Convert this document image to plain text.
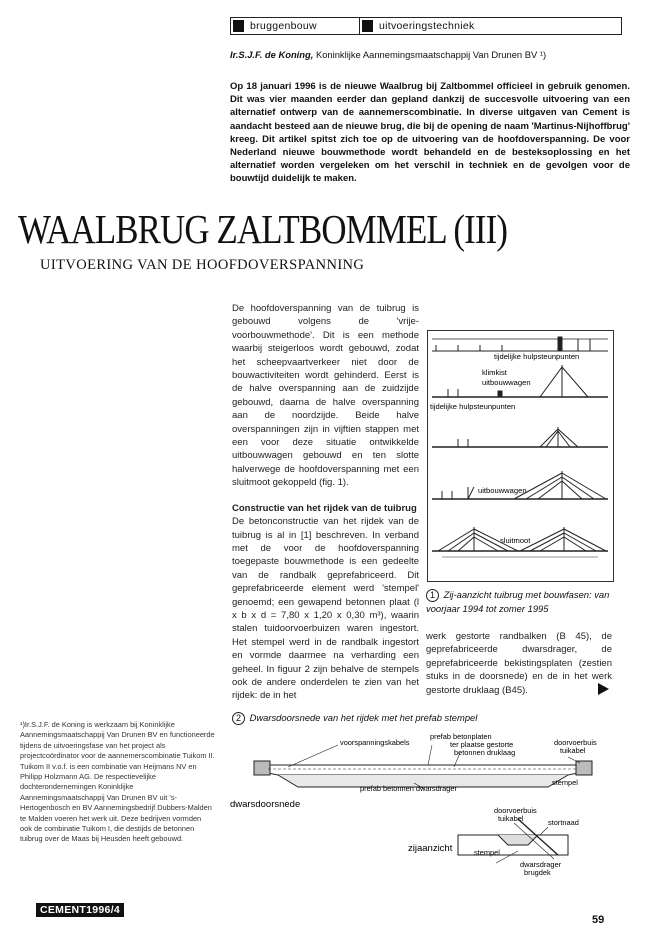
bruggenbouw	uitvoeringstechniek
Ir.S.J.F. de Koning, Koninklijke Aannemingsmaatschappij Van Drunen BV ¹)
Op 18 januari 1996 is de nieuwe Waalbrug bij Zaltbommel officieel in gebruik genomen. Dit was vier maanden eerder dan gepland dankzij de succesvolle uitvoering van een alternatief ontwerp van de aannemerscombinatie. In diverse uitgaven van Cement is aandacht besteed aan de nieuwe brug, die bij de opening de naam 'Martinus-Nijhoffbrug' kreeg. Dit artikel spitst zich toe op de uitvoering van de hoofdoverspanning. De voor Nederland nieuwe bouwmethode wordt behandeld en de besteksoplossing en het alternatief worden vergeleken om het verschil in techniek en de gevolgen voor de bouwtijd duidelijk te maken.
WAALBRUG ZALTBOMMEL (III)
UITVOERING VAN DE HOOFDOVERSPANNING

De hoofdoverspanning van de tuibrug is gebouwd volgens de 'vrije-voorbouwmethode'. Dit is een methode waarbij steigerloos wordt gebouwd, zodat het scheepvaartverkeer niet door de bouwactiviteiten wordt gehinderd. Eerst is de halve overspanning aan de zuidzijde gebouwd, daarna de halve overspanning aan de noordzijde. Beide halve overspanningen zijn in vijftien stappen met een voor deze situatie ontwikkelde uitbouwwagen gebouwd en ten slotte halverwege de hoofdoverspanning met een sluitmoot gekoppeld (fig. 1).

Constructie van het rijdek van de tuibrug

De betonconstructie van het rijdek van de tuibrug is al in [1] beschreven. In verband met de voor de hoofdoverspanning toegepaste bouwmethode is een gedeelte van de randbalk geprefabriceerd. Dit geprefabriceerde element werd 'stempel' genoemd; een gewapend betonnen plaat (l x b x d = 7,80 x 1,20 x 0,30 m³), waarin stalen tuidoorvoerbuizen waren ingestort. Het stempel werd in de randbalk ingestort en vormde daarmee na verharding een geheel. In figuur 2 zijn behalve de stempels ook de andere onderdelen te zien van het rijdek: de in het

tijdelijke hulpsteunpunten
klimkist
uitbouwwagen
tijdelijke hulpsteunpunten
uitbouwwagen
sluitmoot
1 Zij-aanzicht tuibrug met bouwfasen: van voorjaar 1994 tot zomer 1995

werk gestorte randbalken (B 45), de geprefabriceerde dwarsdrager, de geprefabriceerde bekistingsplaten (zestien stuks in de doorsnede) en de in het werk gestorte druklaag (B45).

¹)Ir.S.J.F. de Koning is werkzaam bij Koninklijke Aannemingsmaatschappij Van Drunen BV en functioneerde tijdens de uitvoeringsfase van het project als projectcoördinator voor de aannemerscombinatie Tuikom II. Tuikom II v.o.f. is een combinatie van Heijmans NV en Philipp Holzmann AG. De respectievelijke dochterondernemingen Koninklijke Aannemingsmaatschappij Van Drunen BV uit 's-Hertogenbosch en BV Aannemingsbedrijf Dubbers-Malden te Malden voeren het werk uit. Deze bedrijven vormden ook de combinatie Tuikom I, die destijds de betonnen tuibrug over de Maas bij Heusden heeft gebouwd.
2 Dwarsdoorsnede van het rijdek met het prefab stempel
voorspanningskabels
prefab betonplaten
ter plaatse gestorte
betonnen druklaag
doorvoerbuis
tuikabel
stempel
prefab betonnen dwarsdrager
dwarsdoorsnede
doorvoerbuis
tuikabel	stortnaad
stempel
zijaanzicht
dwarsdrager
brugdek
CEMENT1996/4
59
